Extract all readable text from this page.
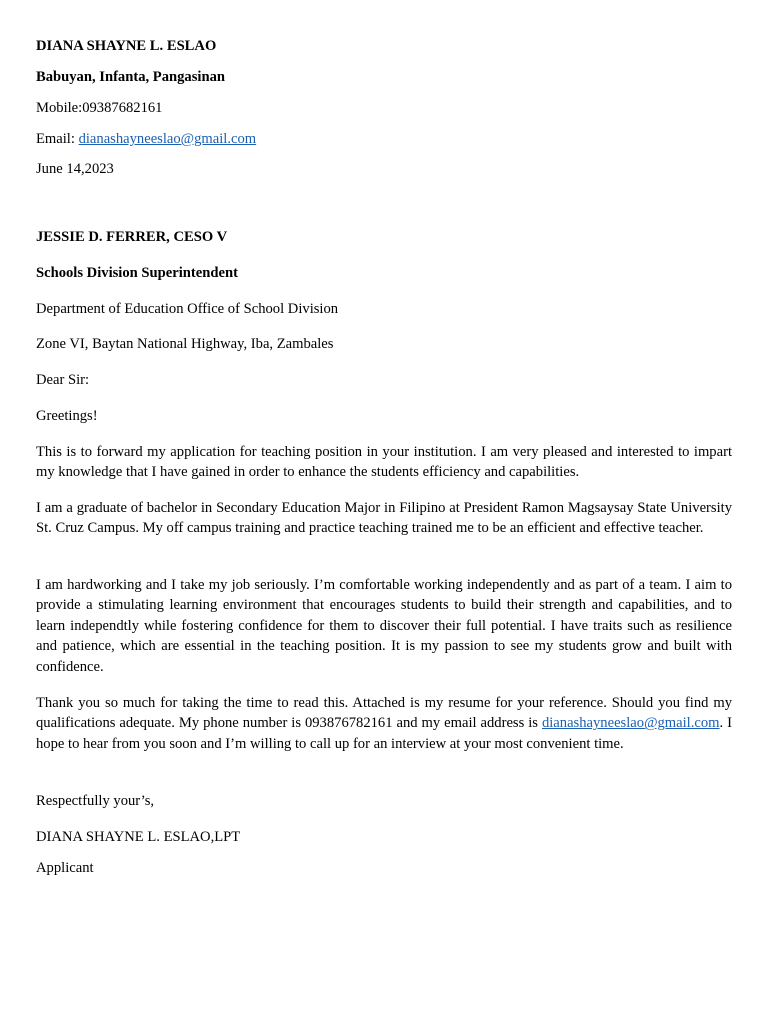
DIANA SHAYNE L. ESLAO
Babuyan, Infanta, Pangasinan
Mobile:09387682161
Email: dianashayneeslao@gmail.com
June 14,2023
JESSIE D. FERRER, CESO V
Schools Division Superintendent
Department of Education Office of School Division
Zone VI, Baytan National Highway, Iba, Zambales
Dear Sir:
Greetings!
This is to forward my application for teaching position in your institution. I am very pleased and interested to impart my knowledge that I have gained in order to enhance the students efficiency and capabilities.
I am a graduate of bachelor in Secondary Education Major in Filipino at President Ramon Magsaysay State University St. Cruz Campus. My off campus training and practice teaching trained me to be an efficient and effective teacher.
I am hardworking and I take my job seriously. I’m comfortable working independently and as part of a team. I aim to provide a stimulating learning environment that encourages students to build their strength and capabilities, and to learn independtly while fostering confidence for them to discover their full potential. I have traits such as resilience and patience, which are essential in the teaching position. It is my passion to see my students grow and built with confidence.
Thank you so much for taking the time to read this. Attached is my resume for your reference. Should you find my qualifications adequate. My phone number is 093876782161 and my email address is dianashayneeslao@gmail.com. I hope to hear from you soon and I’m willing to call up for an interview at your most convenient time.
Respectfully your’s,
DIANA SHAYNE L. ESLAO,LPT
Applicant
